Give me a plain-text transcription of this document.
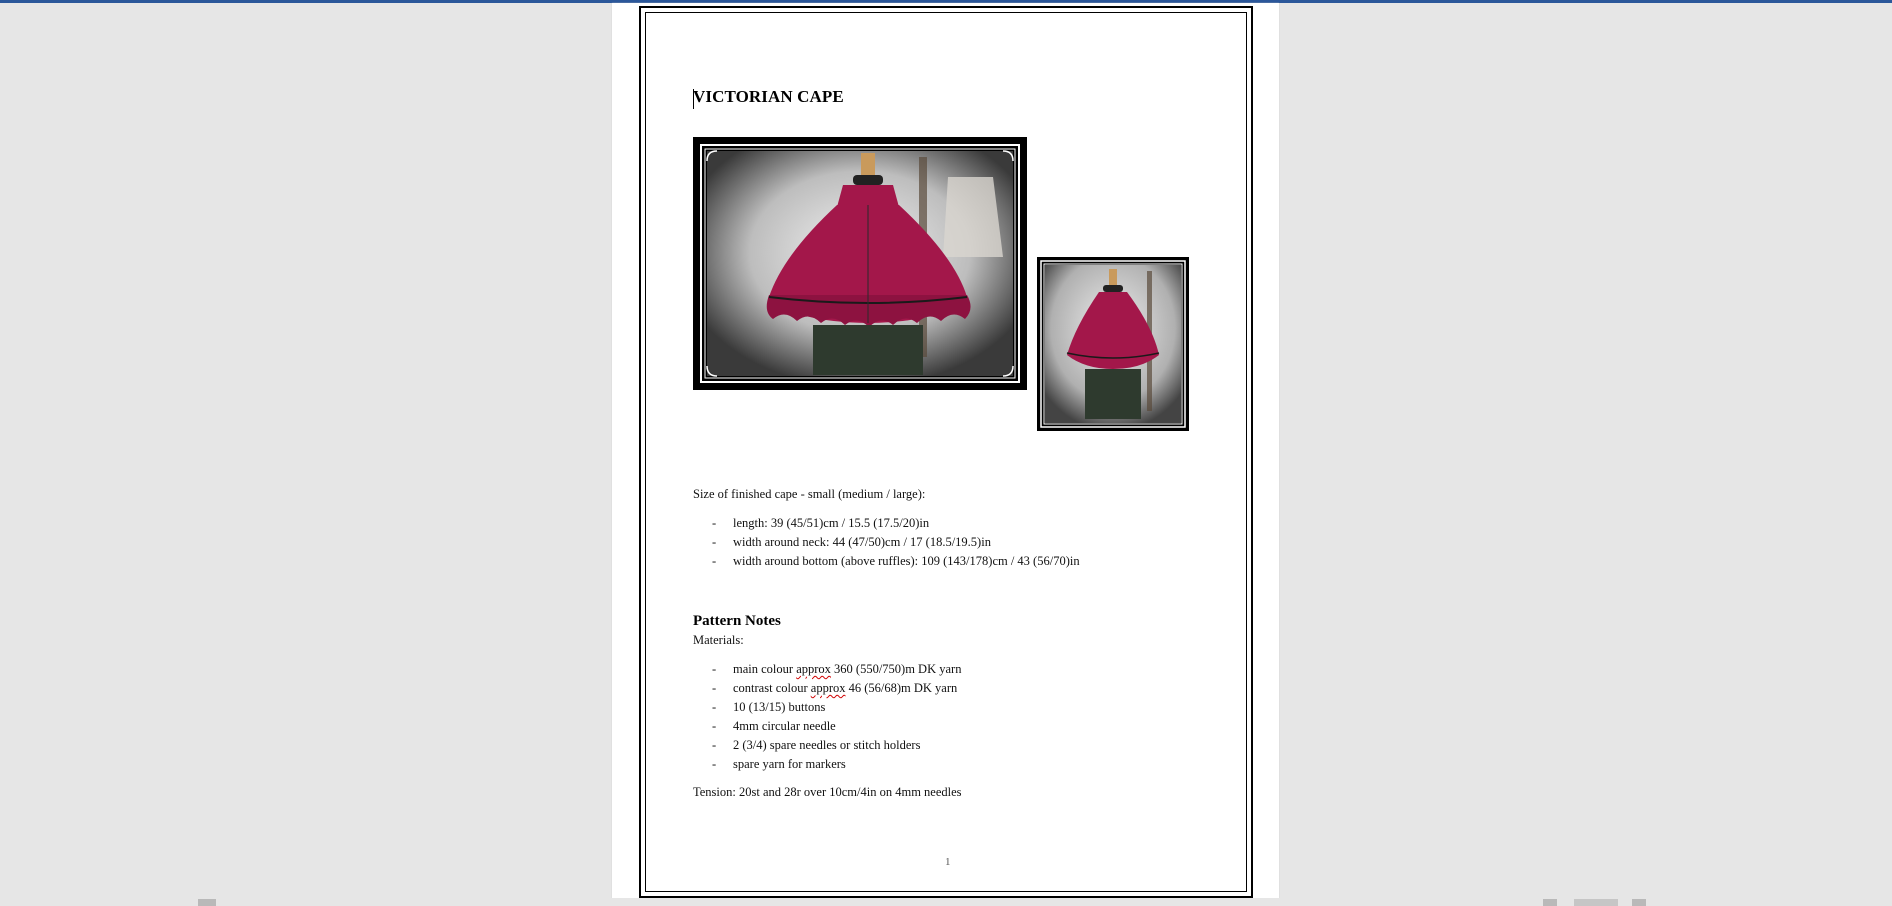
VICTORIAN CAPE
Size of finished cape - small (medium / large):
- length: 39 (45/51)cm / 15.5 (17.5/20)in
- width around neck: 44 (47/50)cm / 17 (18.5/19.5)in
- width around bottom (above ruffles): 109 (143/178)cm / 43 (56/70)in
Pattern Notes
Materials:
- main colour approx 360 (550/750)m DK yarn
- contrast colour approx 46 (56/68)m DK yarn
- 10 (13/15) buttons
- 4mm circular needle
- 2 (3/4) spare needles or stitch holders
- spare yarn for markers
Tension: 20st and 28r over 10cm/4in on 4mm needles
1
